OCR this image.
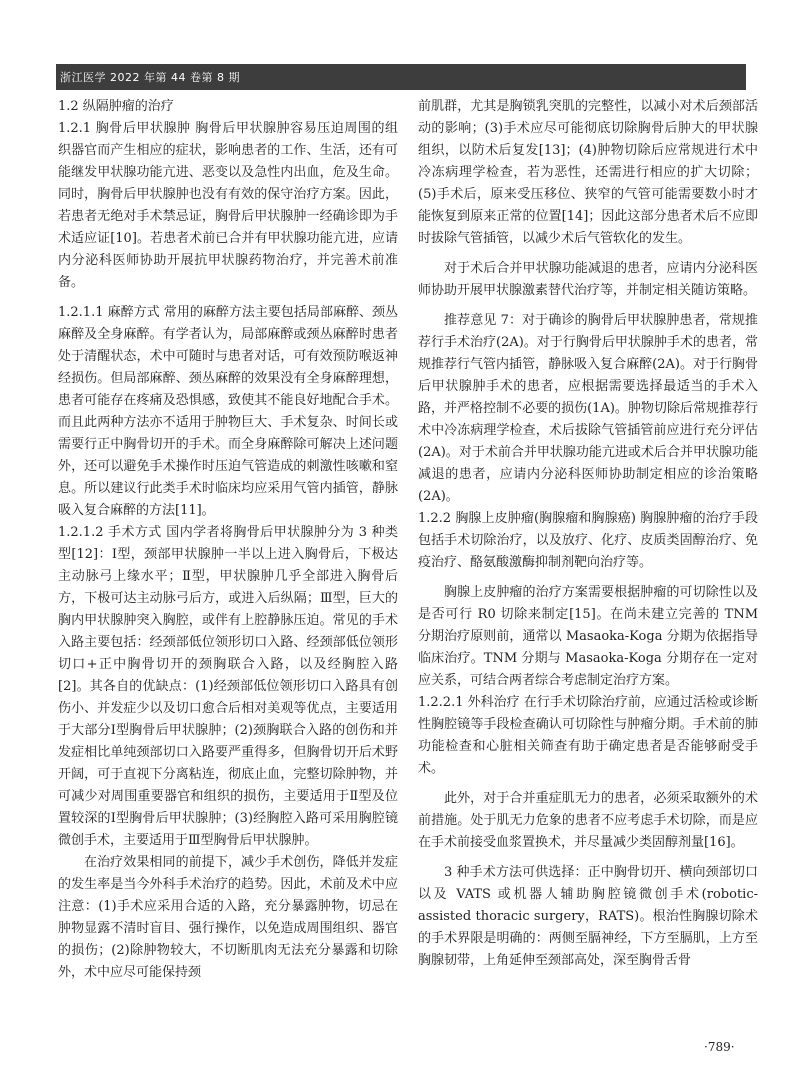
浙江医学 2022 年第 44 卷第 8 期

1.2 纵隔肿瘤的治疗

1.2.1 胸骨后甲状腺肿 胸骨后甲状腺肿容易压迫周围的组织器官而产生相应的症状，影响患者的工作、生活，还有可能继发甲状腺功能亢进、恶变以及急性内出血，危及生命。同时，胸骨后甲状腺肿也没有有效的保守治疗方案。因此，若患者无绝对手术禁忌证，胸骨后甲状腺肿一经确诊即为手术适应证[10]。若患者术前已合并有甲状腺功能亢进，应请内分泌科医师协助开展抗甲状腺药物治疗，并完善术前准备。

1.2.1.1 麻醉方式 常用的麻醉方法主要包括局部麻醉、颈丛麻醉及全身麻醉。有学者认为，局部麻醉或颈丛麻醉时患者处于清醒状态，术中可随时与患者对话，可有效预防喉返神经损伤。但局部麻醉、颈丛麻醉的效果没有全身麻醉理想，患者可能存在疼痛及恐惧感，致使其不能良好地配合手术。而且此两种方法亦不适用于肿物巨大、手术复杂、时间长或需要行正中胸骨切开的手术。而全身麻醉除可解决上述问题外，还可以避免手术操作时压迫气管造成的刺激性咳嗽和窒息。所以建议行此类手术时临床均应采用气管内插管，静脉吸入复合麻醉的方法[11]。

1.2.1.2 手术方式 国内学者将胸骨后甲状腺肿分为 3 种类型[12]：Ⅰ型，颈部甲状腺肿一半以上进入胸骨后，下极达主动脉弓上缘水平；Ⅱ型，甲状腺肿几乎全部进入胸骨后方，下极可达主动脉弓后方，或进入后纵隔；Ⅲ型，巨大的胸内甲状腺肿突入胸腔，或伴有上腔静脉压迫。常见的手术入路主要包括：经颈部低位领形切口入路、经颈部低位领形切口+正中胸骨切开的颈胸联合入路，以及经胸腔入路[2]。其各自的优缺点：(1)经颈部低位领形切口入路具有创伤小、并发症少以及切口愈合后相对美观等优点，主要适用于大部分Ⅰ型胸骨后甲状腺肿；(2)颈胸联合入路的创伤和并发症相比单纯颈部切口入路要严重得多，但胸骨切开后术野开阔，可于直视下分离粘连，彻底止血，完整切除肿物，并可减少对周围重要器官和组织的损伤，主要适用于Ⅱ型及位置较深的Ⅰ型胸骨后甲状腺肿；(3)经胸腔入路可采用胸腔镜微创手术，主要适用于Ⅲ型胸骨后甲状腺肿。

在治疗效果相同的前提下，减少手术创伤，降低并发症的发生率是当今外科手术治疗的趋势。因此，术前及术中应注意：(1)手术应采用合适的入路，充分暴露肿物，切忌在肿物显露不清时盲目、强行操作，以免造成周围组织、器官的损伤；(2)除肿物较大，不切断肌肉无法充分暴露和切除外，术中应尽可能保持颈

前肌群，尤其是胸锁乳突肌的完整性，以减小对术后颈部活动的影响；(3)手术应尽可能彻底切除胸骨后肿大的甲状腺组织，以防术后复发[13]；(4)肿物切除后应常规进行术中冷冻病理学检查，若为恶性，还需进行相应的扩大切除；(5)手术后，原来受压移位、狭窄的气管可能需要数小时才能恢复到原来正常的位置[14]；因此这部分患者术后不应即时拔除气管插管，以减少术后气管软化的发生。

对于术后合并甲状腺功能减退的患者，应请内分泌科医师协助开展甲状腺激素替代治疗等，并制定相关随访策略。

推荐意见 7：对于确诊的胸骨后甲状腺肿患者，常规推荐行手术治疗(2A)。对于行胸骨后甲状腺肿手术的患者，常规推荐行气管内插管，静脉吸入复合麻醉(2A)。对于行胸骨后甲状腺肿手术的患者，应根据需要选择最适当的手术入路，并严格控制不必要的损伤(1A)。肿物切除后常规推荐行术中冷冻病理学检查，术后拔除气管插管前应进行充分评估(2A)。对于术前合并甲状腺功能亢进或术后合并甲状腺功能减退的患者，应请内分泌科医师协助制定相应的诊治策略(2A)。

1.2.2 胸腺上皮肿瘤(胸腺瘤和胸腺癌) 胸腺肿瘤的治疗手段包括手术切除治疗，以及放疗、化疗、皮质类固醇治疗、免疫治疗、酪氨酸激酶抑制剂靶向治疗等。

胸腺上皮肿瘤的治疗方案需要根据肿瘤的可切除性以及是否可行 R0 切除来制定[15]。在尚未建立完善的 TNM 分期治疗原则前，通常以 Masaoka-Koga 分期为依据指导临床治疗。TNM 分期与 Masaoka-Koga 分期存在一定对应关系，可结合两者综合考虑制定治疗方案。

1.2.2.1 外科治疗 在行手术切除治疗前，应通过活检或诊断性胸腔镜等手段检查确认可切除性与肿瘤分期。手术前的肺功能检查和心脏相关筛查有助于确定患者是否能够耐受手术。

此外，对于合并重症肌无力的患者，必须采取额外的术前措施。处于肌无力危象的患者不应考虑手术切除，而是应在手术前接受血浆置换术，并尽量减少类固醇剂量[16]。

3 种手术方法可供选择：正中胸骨切开、横向颈部切口以及 VATS 或机器人辅助胸腔镜微创手术(robotic-assisted thoracic surgery，RATS)。根治性胸腺切除术的手术界限是明确的：两侧至膈神经，下方至膈肌，上方至胸腺韧带，上角延伸至颈部高处，深至胸骨舌骨

·789·
